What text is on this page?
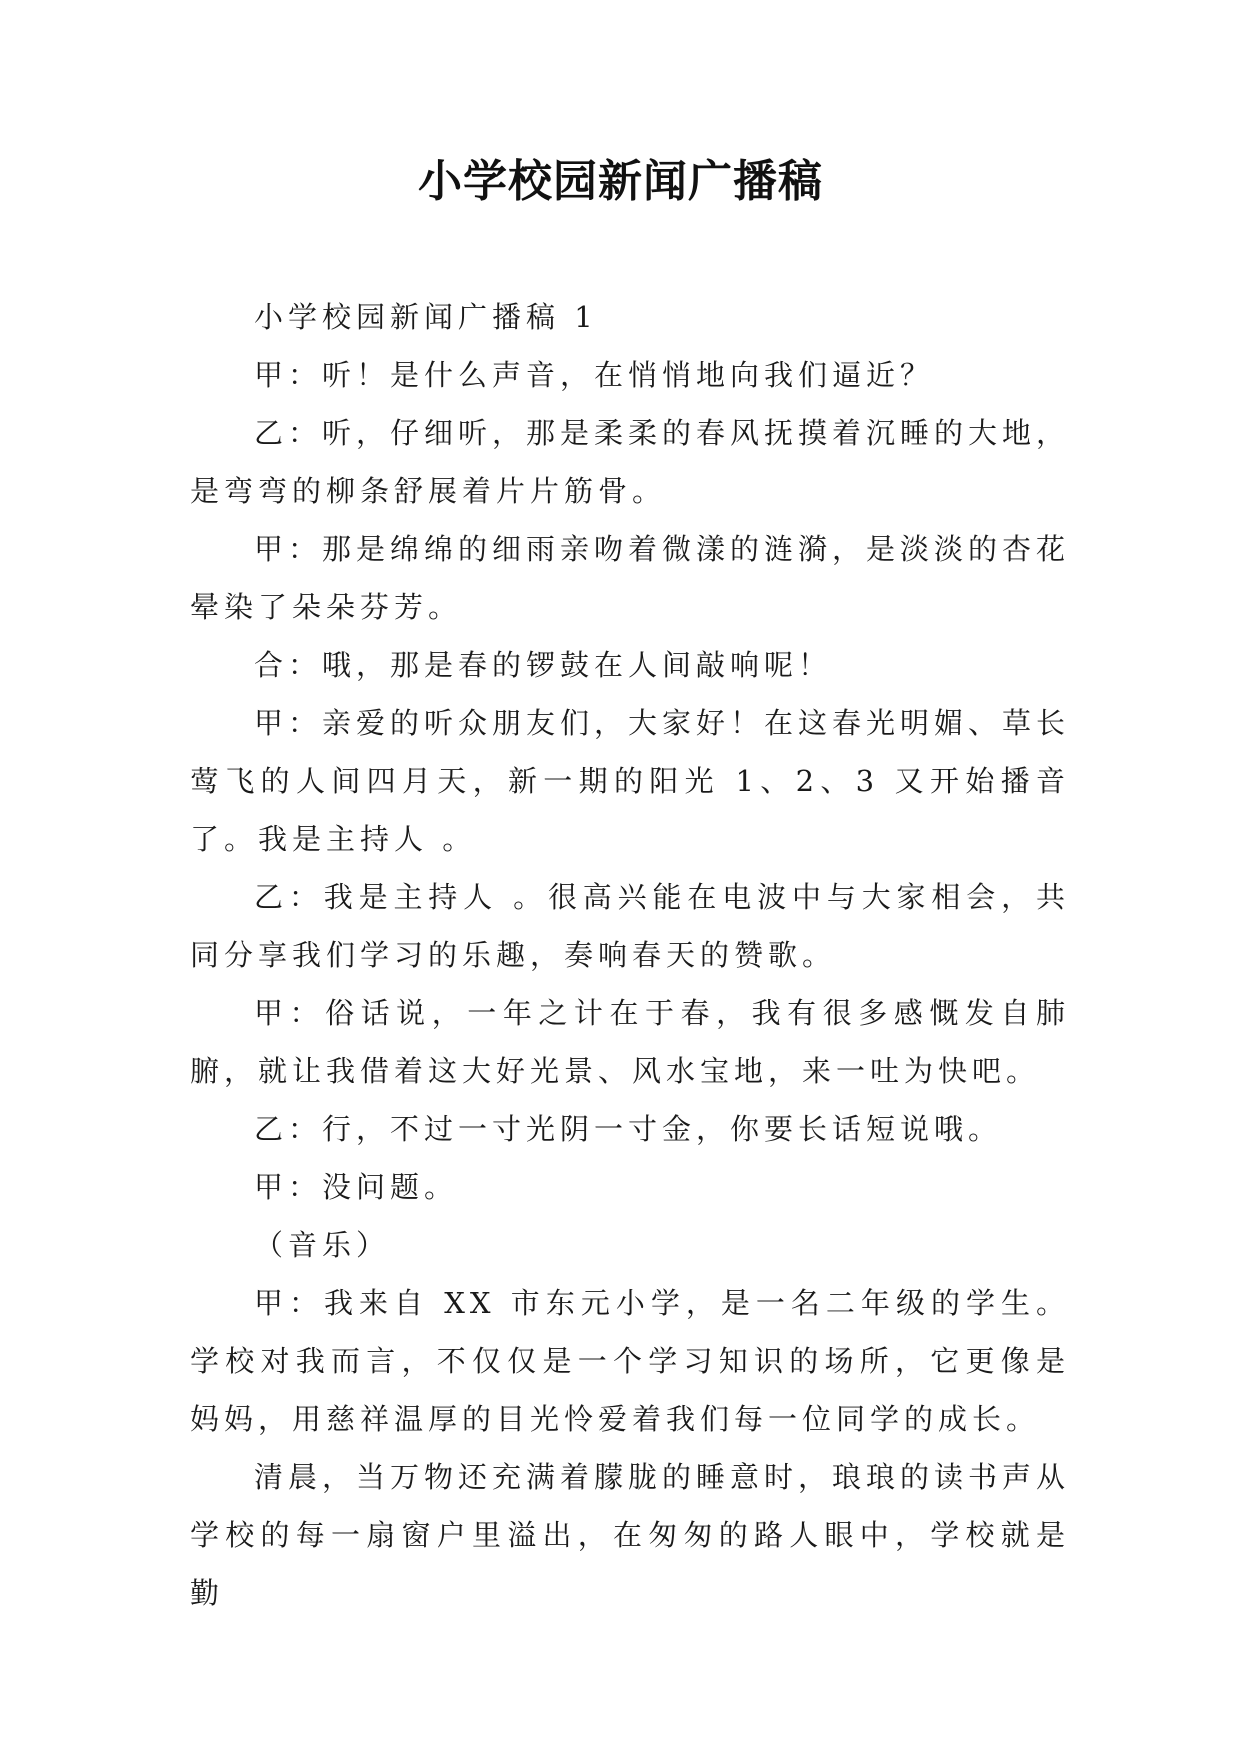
小学校园新闻广播稿

小学校园新闻广播稿 1

甲：听！是什么声音，在悄悄地向我们逼近？

乙：听，仔细听，那是柔柔的春风抚摸着沉睡的大地，是弯弯的柳条舒展着片片筋骨。

甲：那是绵绵的细雨亲吻着微漾的涟漪，是淡淡的杏花晕染了朵朵芬芳。

合：哦，那是春的锣鼓在人间敲响呢！

甲：亲爱的听众朋友们，大家好！在这春光明媚、草长莺飞的人间四月天，新一期的阳光 1、2、3 又开始播音了。我是主持人 。

乙：我是主持人 。很高兴能在电波中与大家相会，共同分享我们学习的乐趣，奏响春天的赞歌。

甲：俗话说，一年之计在于春，我有很多感慨发自肺腑，就让我借着这大好光景、风水宝地，来一吐为快吧。

乙：行，不过一寸光阴一寸金，你要长话短说哦。

甲：没问题。

（音乐）

甲：我来自 XX 市东元小学，是一名二年级的学生。学校对我而言，不仅仅是一个学习知识的场所，它更像是妈妈，用慈祥温厚的目光怜爱着我们每一位同学的成长。

清晨，当万物还充满着朦胧的睡意时，琅琅的读书声从学校的每一扇窗户里溢出，在匆匆的路人眼中，学校就是勤
